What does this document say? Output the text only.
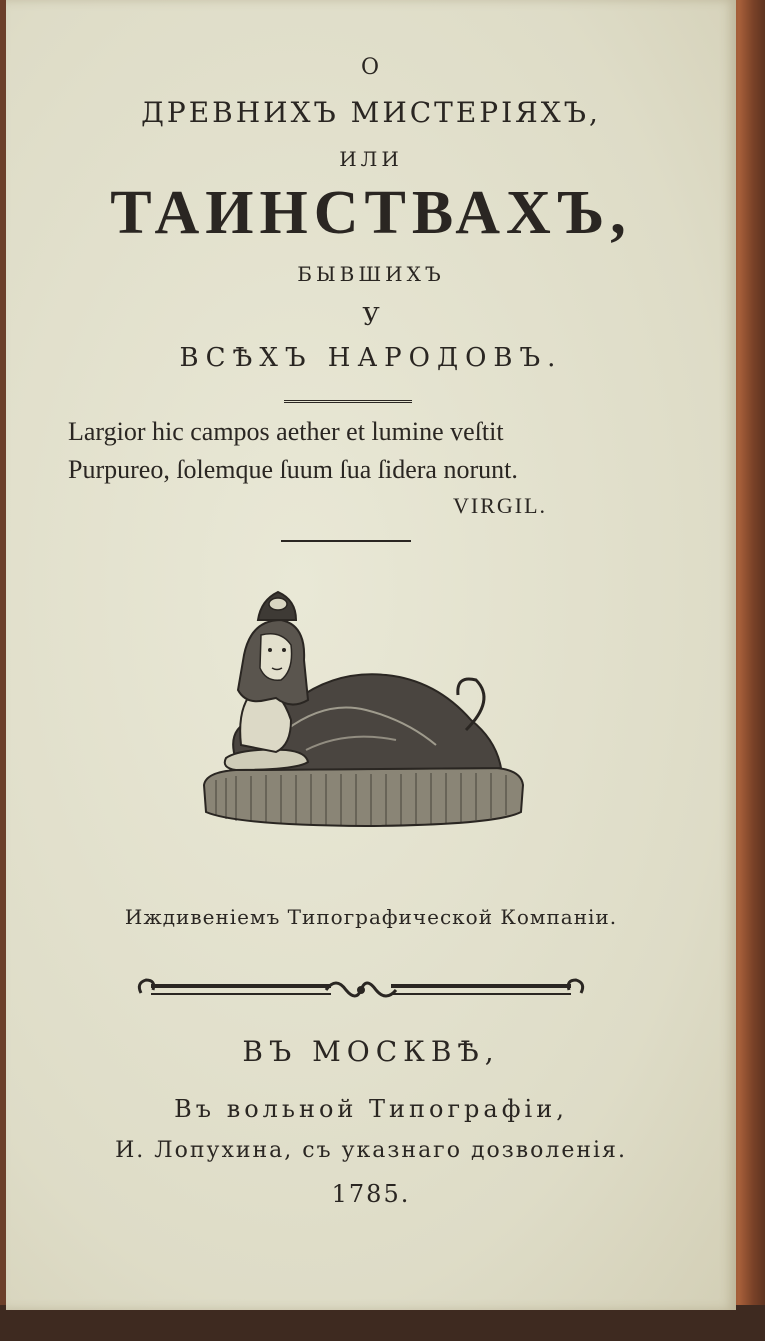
О
ДРЕВНИХЪ МИСТЕРІЯХЪ,
ИЛИ
ТАИНСТВАХЪ,
БЫВШИХЪ
У
ВСѢХЪ НАРОДОВЪ.
Largior hic campos aether et lumine veſtit
Purpureo, ſolemque ſuum ſua ſidera norunt.
VIRGIL.
Иждивеніемъ Типографической Компаніи.
ВЪ МОСКВѢ,
Въ вольной Типографіи,
И. Лопухина, съ указнаго дозволенія.
1785.
